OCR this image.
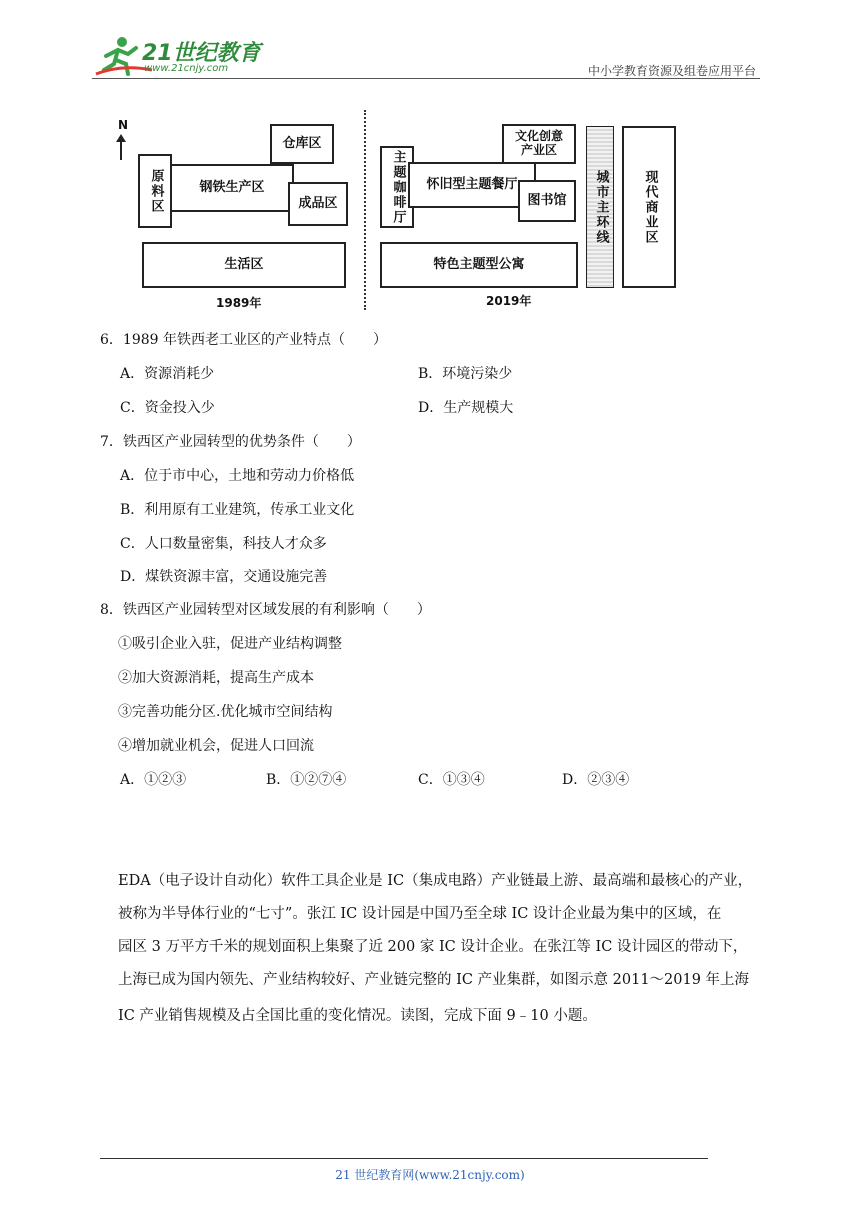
21世纪教育
www.21cnjy.com	中小学教育资源及组卷应用平台
N
原料区	钢铁生产区
仓库区
成品区
生活区
1989年
主题咖啡厅 怀旧型主题餐厅
文化创意产业区
图书馆
特色主题型公寓
城市主环线	现代商业区
2019年
6．1989 年铁西老工业区的产业特点（　　）
A．资源消耗少	B．环境污染少
C．资金投入少	D．生产规模大
7．铁西区产业园转型的优势条件（　　）
A．位于市中心，土地和劳动力价格低
B．利用原有工业建筑，传承工业文化
C．人口数量密集，科技人才众多
D．煤铁资源丰富，交通设施完善
8．铁西区产业园转型对区域发展的有利影响（　　）
①吸引企业入驻，促进产业结构调整
②加大资源消耗，提高生产成本
③完善功能分区.优化城市空间结构
④增加就业机会，促进人口回流
A．①②③	B．①②⑦④	C．①③④	D．②③④
EDA（电子设计自动化）软件工具企业是 IC（集成电路）产业链最上游、最高端和最核心的产业，
被称为半导体行业的“七寸”。张江 IC 设计园是中国乃至全球 IC 设计企业最为集中的区域，在
园区 3 万平方千米的规划面积上集聚了近 200 家 IC 设计企业。在张江等 IC 设计园区的带动下，
上海已成为国内领先、产业结构较好、产业链完整的 IC 产业集群，如图示意 2011～2019 年上海
IC 产业销售规模及占全国比重的变化情况。读图，完成下面 9﹣10 小题。
21 世纪教育网(www.21cnjy.com)
